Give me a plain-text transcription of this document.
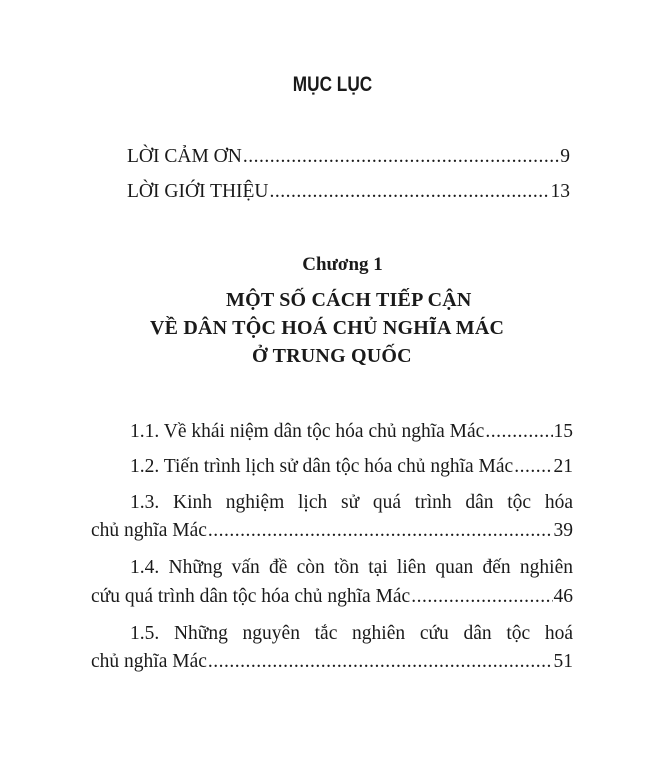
MỤC LỤC
LỜI CẢM ƠN .....	9
LỜI GIỚI THIỆU .....	13
Chương 1
MỘT SỐ CÁCH TIẾP CẬN
VỀ DÂN TỘC HOÁ CHỦ NGHĨA MÁC
Ở TRUNG QUỐC
1.1. Về khái niệm dân tộc hóa chủ nghĩa Mác .....	15
1.2. Tiến trình lịch sử dân tộc hóa chủ nghĩa Mác ..... 21
1.3. Kinh nghiệm lịch sử quá trình dân tộc hóa
chủ nghĩa Mác .....	39
1.4. Những vấn đề còn tồn tại liên quan đến nghiên
cứu quá trình dân tộc hóa chủ nghĩa Mác .....	46
1.5. Những nguyên tắc nghiên cứu dân tộc hoá
chủ nghĩa Mác .....	51
